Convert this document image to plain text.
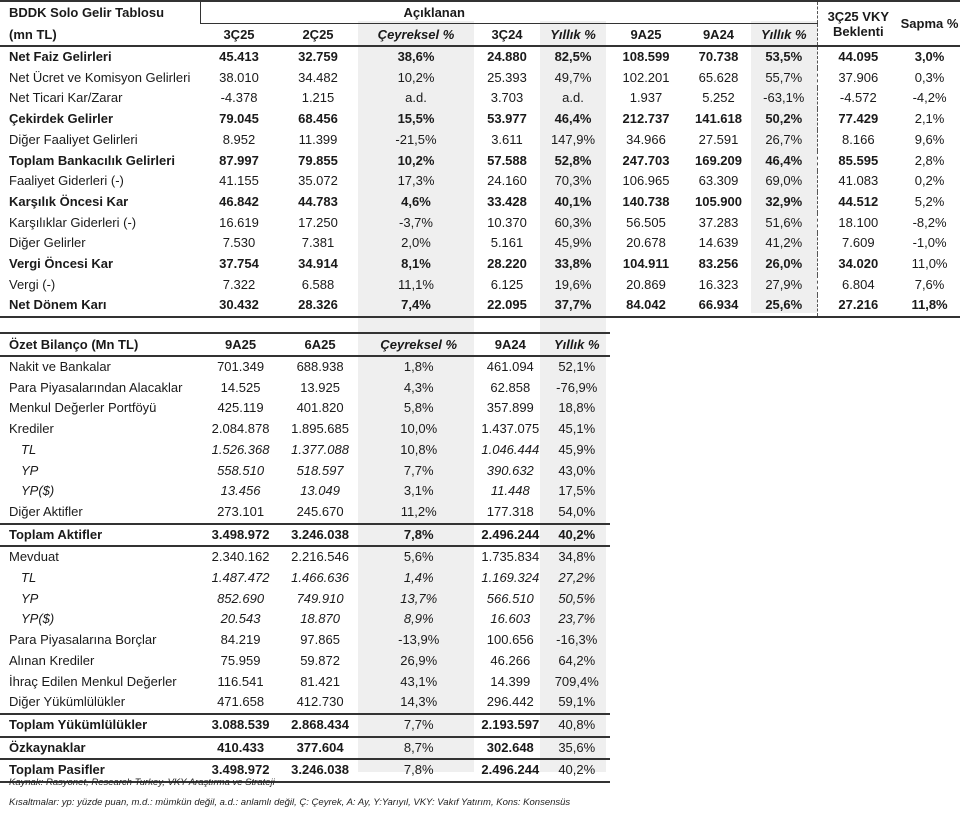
BDDK Solo Gelir Tablosu	Açıklanan								3Ç25 VKY
Beklenti	Sapma %
(mn TL)	3Ç25	2Ç25	Çeyreksel %	3Ç24	Yıllık %	9A25	9A24	Yıllık %		
Net Faiz Gelirleri	45.413	32.759	38,6%	24.880	82,5%	108.599	70.738	53,5%	44.095	3,0%
Net Ücret ve Komisyon Gelirleri	38.010	34.482	10,2%	25.393	49,7%	102.201	65.628	55,7%	37.906	0,3%
Net Ticari Kar/Zarar	-4.378	1.215	a.d.	3.703	a.d.	1.937	5.252	-63,1%	-4.572	-4,2%
Çekirdek Gelirler	79.045	68.456	15,5%	53.977	46,4%	212.737	141.618	50,2%	77.429	2,1%
Diğer Faaliyet Gelirleri	8.952	11.399	-21,5%	3.611	147,9%	34.966	27.591	26,7%	8.166	9,6%
Toplam Bankacılık Gelirleri	87.997	79.855	10,2%	57.588	52,8%	247.703	169.209	46,4%	85.595	2,8%
Faaliyet Giderleri (-)	41.155	35.072	17,3%	24.160	70,3%	106.965	63.309	69,0%	41.083	0,2%
Karşılık Öncesi Kar	46.842	44.783	4,6%	33.428	40,1%	140.738	105.900	32,9%	44.512	5,2%
Karşılıklar Giderleri (-)	16.619	17.250	-3,7%	10.370	60,3%	56.505	37.283	51,6%	18.100	-8,2%
Diğer Gelirler	7.530	7.381	2,0%	5.161	45,9%	20.678	14.639	41,2%	7.609	-1,0%
Vergi Öncesi Kar	37.754	34.914	8,1%	28.220	33,8%	104.911	83.256	26,0%	34.020	11,0%
Vergi (-)	7.322	6.588	11,1%	6.125	19,6%	20.869	16.323	27,9%	6.804	7,6%
Net Dönem Karı	30.432	28.326	7,4%	22.095	37,7%	84.042	66.934	25,6%	27.216	11,8%
Özet Bilanço (Mn TL)	9A25	6A25	Çeyreksel %	9A24	Yıllık %
Nakit ve Bankalar	701.349	688.938	1,8%	461.094	52,1%
Para Piyasalarından Alacaklar	14.525	13.925	4,3%	62.858	-76,9%
Menkul Değerler Portföyü	425.119	401.820	5,8%	357.899	18,8%
Krediler	2.084.878	1.895.685	10,0%	1.437.075	45,1%
TL	1.526.368	1.377.088	10,8%	1.046.444	45,9%
YP	558.510	518.597	7,7%	390.632	43,0%
YP($)	13.456	13.049	3,1%	11.448	17,5%
Diğer Aktifler	273.101	245.670	11,2%	177.318	54,0%
Toplam Aktifler	3.498.972	3.246.038	7,8%	2.496.244	40,2%
Mevduat	2.340.162	2.216.546	5,6%	1.735.834	34,8%
TL	1.487.472	1.466.636	1,4%	1.169.324	27,2%
YP	852.690	749.910	13,7%	566.510	50,5%
YP($)	20.543	18.870	8,9%	16.603	23,7%
Para Piyasalarına Borçlar	84.219	97.865	-13,9%	100.656	-16,3%
Alınan Krediler	75.959	59.872	26,9%	46.266	64,2%
İhraç Edilen Menkul Değerler	116.541	81.421	43,1%	14.399	709,4%
Diğer Yükümlülükler	471.658	412.730	14,3%	296.442	59,1%
Toplam Yükümlülükler	3.088.539	2.868.434	7,7%	2.193.597	40,8%
Özkaynaklar	410.433	377.604	8,7%	302.648	35,6%
Toplam Pasifler	3.498.972	3.246.038	7,8%	2.496.244	40,2%
Kaynak: Rasyonet, Research Turkey, VKY Araştırma ve Strateji
Kısaltmalar: yp: yüzde puan, m.d.: mümkün değil, a.d.: anlamlı değil, Ç: Çeyrek, A: Ay, Y:Yarıyıl, VKY: Vakıf Yatırım, Kons: Konsensüs
